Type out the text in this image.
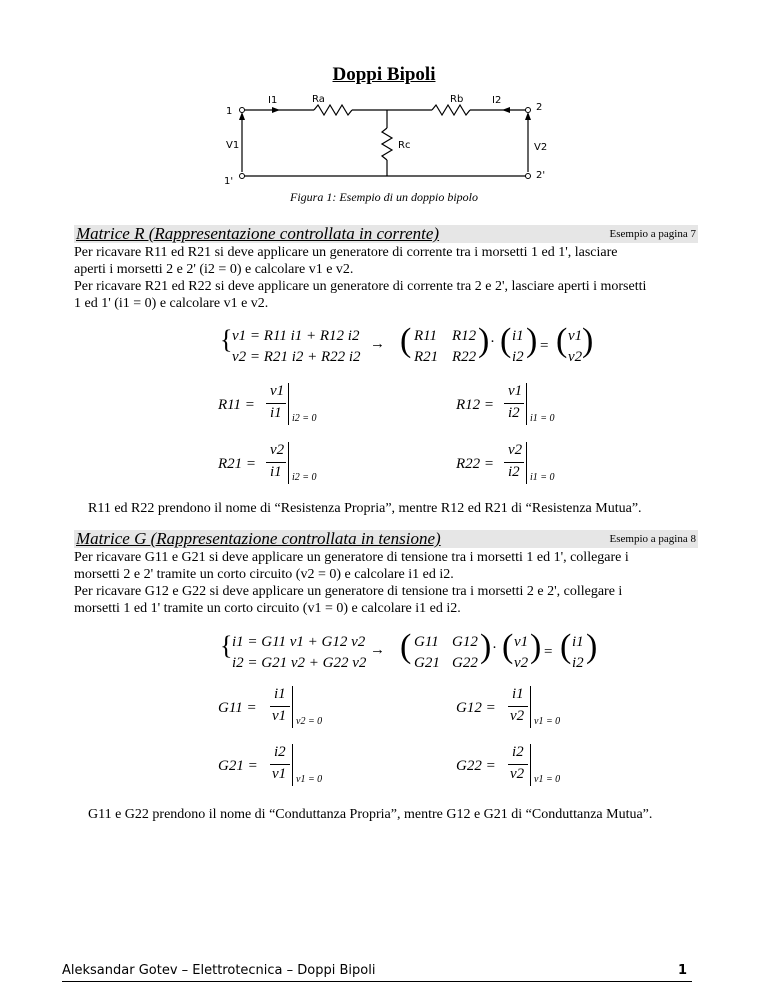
Doppi Bipoli
1
1'
2
2'
I1	I2
V1	V2
Ra	Rb
Rc
Figura 1: Esempio di un doppio bipolo
Matrice R (Rappresentazione controllata in corrente)	Esempio a pagina 7
Per ricavare R11 ed R21 si deve applicare un generatore di corrente tra i morsetti 1 ed 1', lasciare
aperti i morsetti 2 e 2' (i2 = 0) e calcolare v1 e v2.
Per ricavare R21 ed R22 si deve applicare un generatore di corrente tra 2 e 2', lasciare aperti i morsetti
1 ed 1' (i1 = 0) e calcolare v1 e v2.
{ v1 = R11 i1 + R12 i2
v2 = R21 i2 + R22 i2
→ ( R11 R12
R21 R22 ) · ( i1
i2 ) = ( v1
v2 )
R11 =
v1
i1 i2 = 0
R12 =
v1
i2 i1 = 0
R21 =
v2
i1 i2 = 0
R22 =
v2
i2 i1 = 0
R11 ed R22 prendono il nome di “Resistenza Propria”, mentre R12 ed R21 di “Resistenza Mutua”.
Matrice G (Rappresentazione controllata in tensione)	Esempio a pagina 8
Per ricavare G11 e G21 si deve applicare un generatore di tensione tra i morsetti 1 ed 1', collegare i
morsetti 2 e 2' tramite un corto circuito (v2 = 0) e calcolare i1 ed i2.
Per ricavare G12 e G22 si deve applicare un generatore di tensione tra i morsetti 2 e 2', collegare i
morsetti 1 ed 1' tramite un corto circuito (v1 = 0) e calcolare i1 ed i2.
{ i1 = G11 v1 + G12 v2
i2 = G21 v2 + G22 v2
→ ( G11 G12
G21 G22 ) · ( v1
v2 ) = ( i1
i2 )
G11 =
i1
v1 v2 = 0
G12 =
i1
v2 v1 = 0
G21 =
i2
v1 v1 = 0
G22 =
i2
v2 v1 = 0
G11 e G22 prendono il nome di “Conduttanza Propria”, mentre G12 e G21 di “Conduttanza Mutua”.
Aleksandar Gotev – Elettrotecnica – Doppi Bipoli	1
